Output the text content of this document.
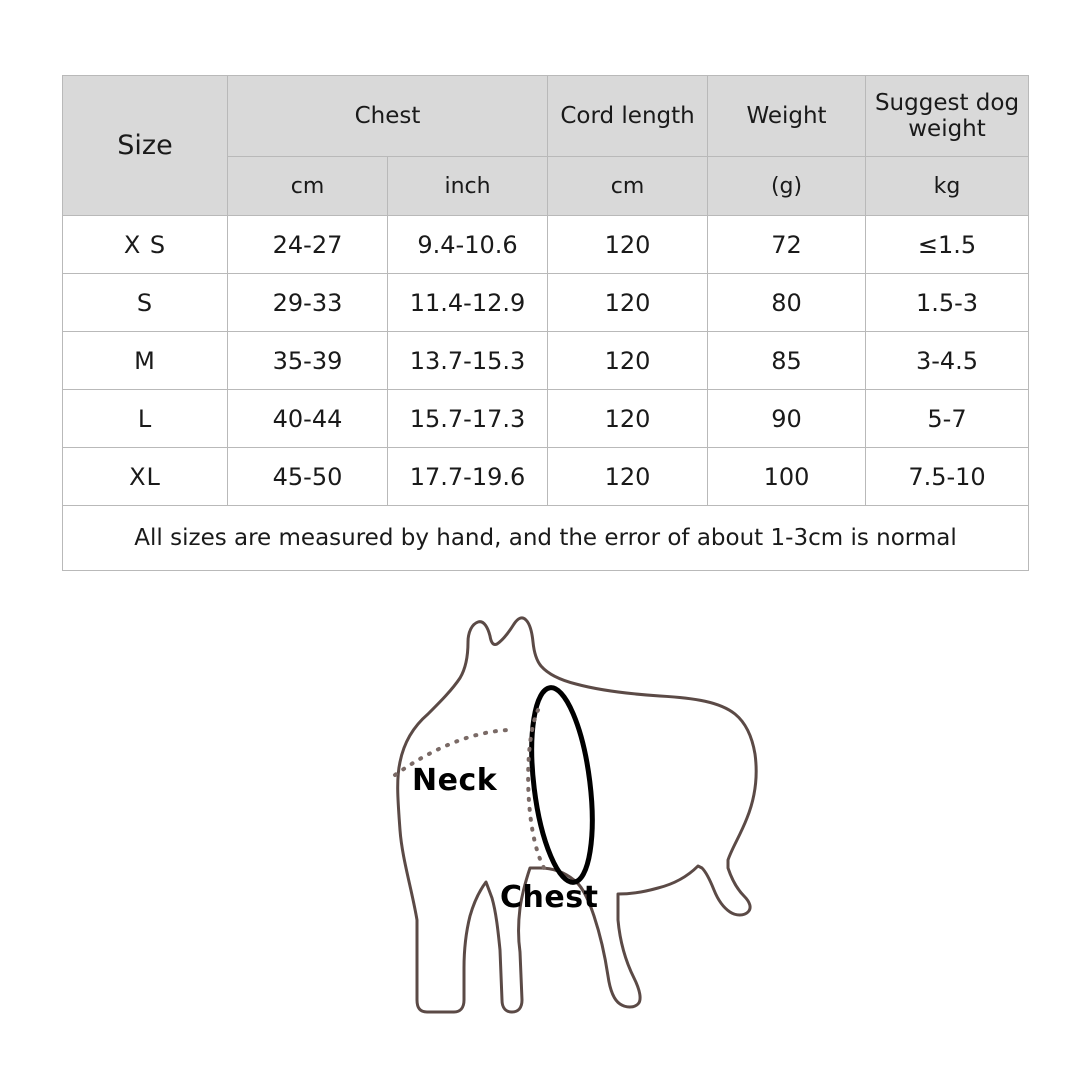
Size	Chest		Cord length	Weight	Suggest dog weight
	cm	inch	cm	(g)	kg
X S	24-27	9.4-10.6	120	72	≤1.5
S	29-33	11.4-12.9	120	80	1.5-3
M	35-39	13.7-15.3	120	85	3-4.5
L	40-44	15.7-17.3	120	90	5-7
XL	45-50	17.7-19.6	120	100	7.5-10
All sizes are measured by hand, and the error of about 1-3cm is normal					
Neck
Chest
